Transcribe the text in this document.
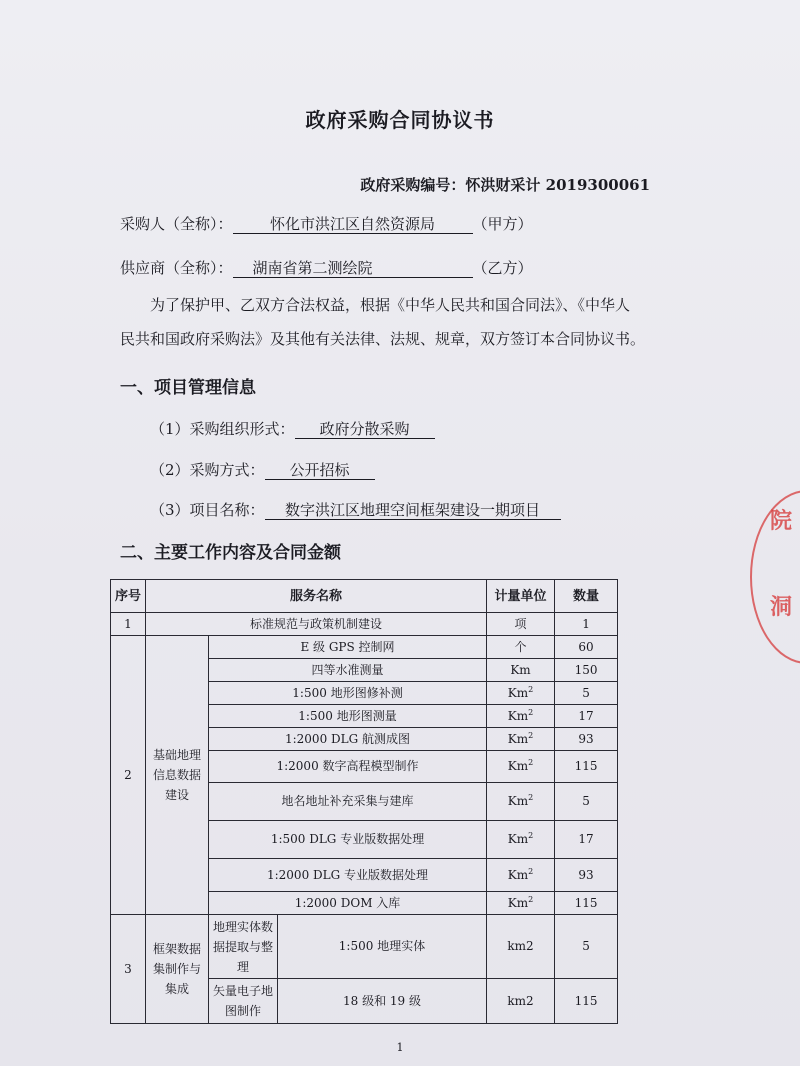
政府采购合同协议书
政府采购编号：怀洪财采计 2019300061
采购人（全称）： 怀化市洪江区自然资源局	（甲方）
供应商（全称）： 湖南省第二测绘院	（乙方）
为了保护甲、乙双方合法权益，根据《中华人民共和国合同法》、《中华人
民共和国政府采购法》及其他有关法律、法规、规章，双方签订本合同协议书。
一、项目管理信息
（1）采购组织形式： 政府分散采购
（2）采购方式： 公开招标
（3）项目名称： 数字洪江区地理空间框架建设一期项目
二、主要工作内容及合同金额
序号	服务名称			计量单位	数量
1	标准规范与政策机制建设			项	1
2	基础地理信息数据建设	E 级 GPS 控制网		个	60
		四等水准测量		Km	150
		1:500 地形图修补测		Km$^2$	5
		1:500 地形图测量		Km$^2$	17
		1:2000 DLG 航测成图		Km$^2$	93
		1:2000 数字高程模型制作		Km$^2$	115
		地名地址补充采集与建库		Km$^2$	5
		1:500 DLG 专业版数据处理		Km$^2$	17
		1:2000 DLG 专业版数据处理		Km$^2$	93
		1:2000 DOM 入库		Km$^2$	115
3	框架数据集制作与集成	地理实体数据提取与整理	1:500 地理实体	km2	5
		矢量电子地图制作	18 级和 19 级	km2	115
院
洞
1
